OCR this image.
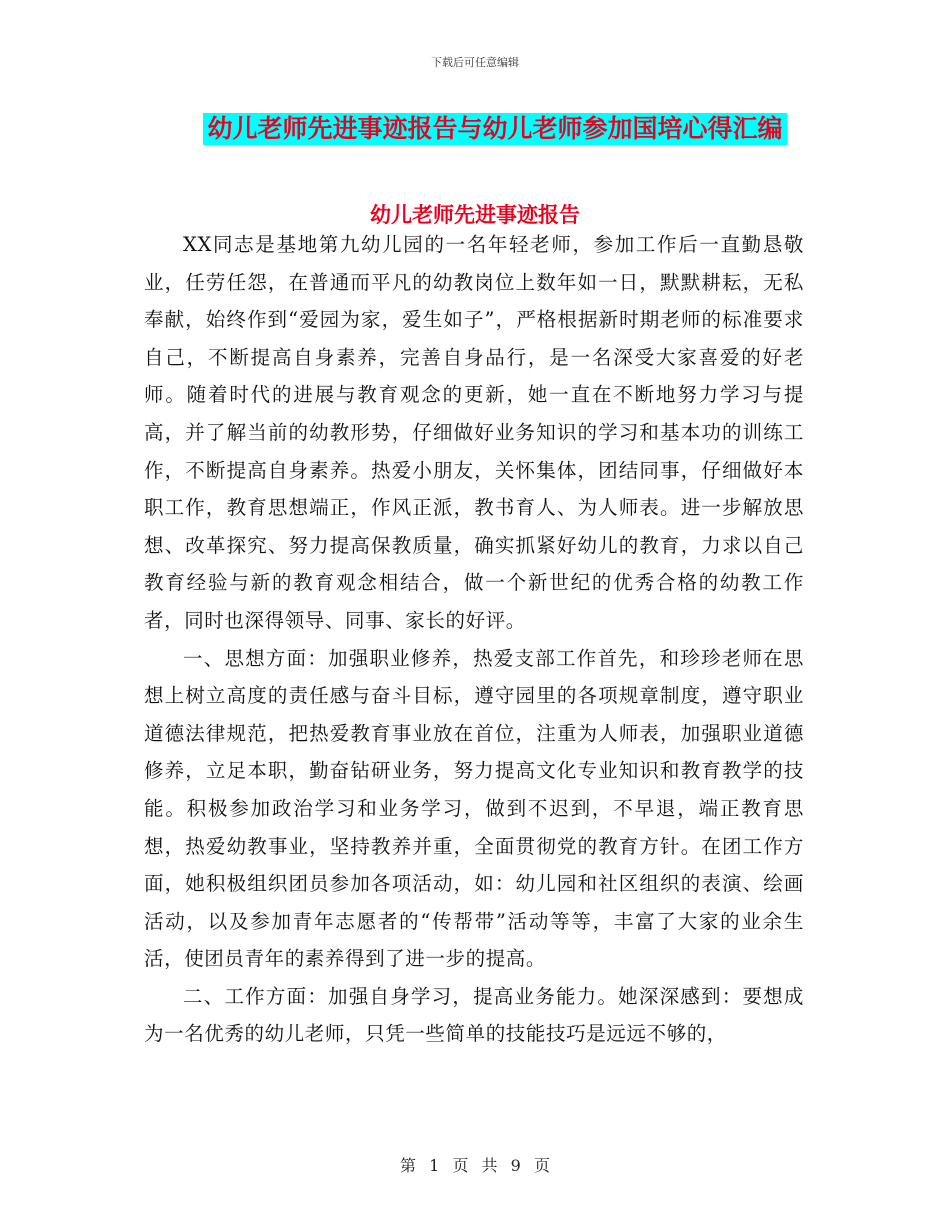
下载后可任意编辑
幼儿老师先进事迹报告与幼儿老师参加国培心得汇编
幼儿老师先进事迹报告

XX同志是基地第九幼儿园的一名年轻老师，参加工作后一直勤恳敬业，任劳任怨，在普通而平凡的幼教岗位上数年如一日，默默耕耘，无私奉献，始终作到“爱园为家，爱生如子”，严格根据新时期老师的标准要求自己，不断提高自身素养，完善自身品行，是一名深受大家喜爱的好老师。随着时代的进展与教育观念的更新，她一直在不断地努力学习与提高，并了解当前的幼教形势，仔细做好业务知识的学习和基本功的训练工作，不断提高自身素养。热爱小朋友，关怀集体，团结同事，仔细做好本职工作，教育思想端正，作风正派，教书育人、为人师表。进一步解放思想、改革探究、努力提高保教质量，确实抓紧好幼儿的教育，力求以自己教育经验与新的教育观念相结合，做一个新世纪的优秀合格的幼教工作者，同时也深得领导、同事、家长的好评。

一、思想方面：加强职业修养，热爱支部工作首先，和珍珍老师在思想上树立高度的责任感与奋斗目标，遵守园里的各项规章制度，遵守职业道德法律规范，把热爱教育事业放在首位，注重为人师表，加强职业道德修养，立足本职，勤奋钻研业务，努力提高文化专业知识和教育教学的技能。积极参加政治学习和业务学习，做到不迟到，不早退，端正教育思想，热爱幼教事业，坚持教养并重，全面贯彻党的教育方针。在团工作方面，她积极组织团员参加各项活动，如：幼儿园和社区组织的表演、绘画活动，以及参加青年志愿者的“传帮带”活动等等，丰富了大家的业余生活，使团员青年的素养得到了进一步的提高。

二、工作方面：加强自身学习，提高业务能力。她深深感到：要想成为一名优秀的幼儿老师，只凭一些简单的技能技巧是远远不够的，

第 1 页 共 9 页
